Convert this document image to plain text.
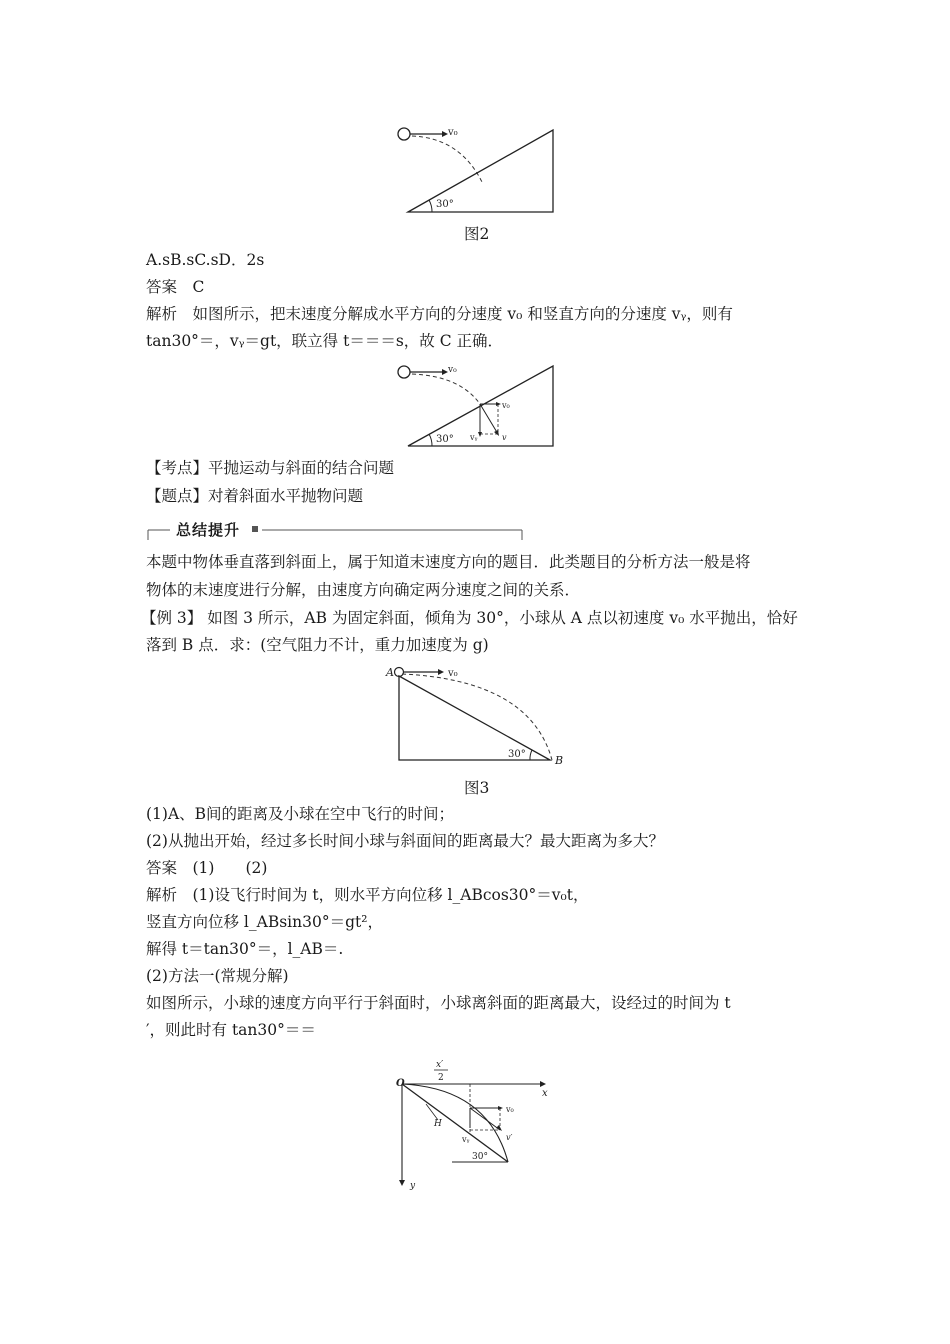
v₀
30°
图2
A.sB.sC.sD．2s
答案　C
解析　如图所示，把末速度分解成水平方向的分速度 v₀ 和竖直方向的分速度 vᵧ，则有
tan30°＝，vᵧ＝gt，联立得 t＝＝＝s，故 C 正确．
v₀
v₀
vᵧ	v
30°
【考点】平抛运动与斜面的结合问题
【题点】对着斜面水平抛物问题
总结提升
本题中物体垂直落到斜面上，属于知道末速度方向的题目．此类题目的分析方法一般是将
物体的末速度进行分解，由速度方向确定两分速度之间的关系．
【例 3】 如图 3 所示，AB 为固定斜面，倾角为 30°，小球从 A 点以初速度 v₀ 水平抛出，恰好
落到 B 点．求：(空气阻力不计，重力加速度为 g)
A	v₀
30°	B
图3
(1)A、B间的距离及小球在空中飞行的时间；
(2)从抛出开始，经过多长时间小球与斜面间的距离最大？最大距离为多大？
答案　(1)　　(2)
解析　(1)设飞行时间为 t，则水平方向位移 l_ABcos30°＝v₀t，
竖直方向位移 l_ABsin30°＝gt²，
解得 t＝tan30°＝，l_AB＝.
(2)方法一(常规分解)
如图所示，小球的速度方向平行于斜面时，小球离斜面的距离最大，设经过的时间为 t
′，则此时有 tan30°＝＝
O
x
y
x′
2
H
v₀
vᵧ	v′
30°
